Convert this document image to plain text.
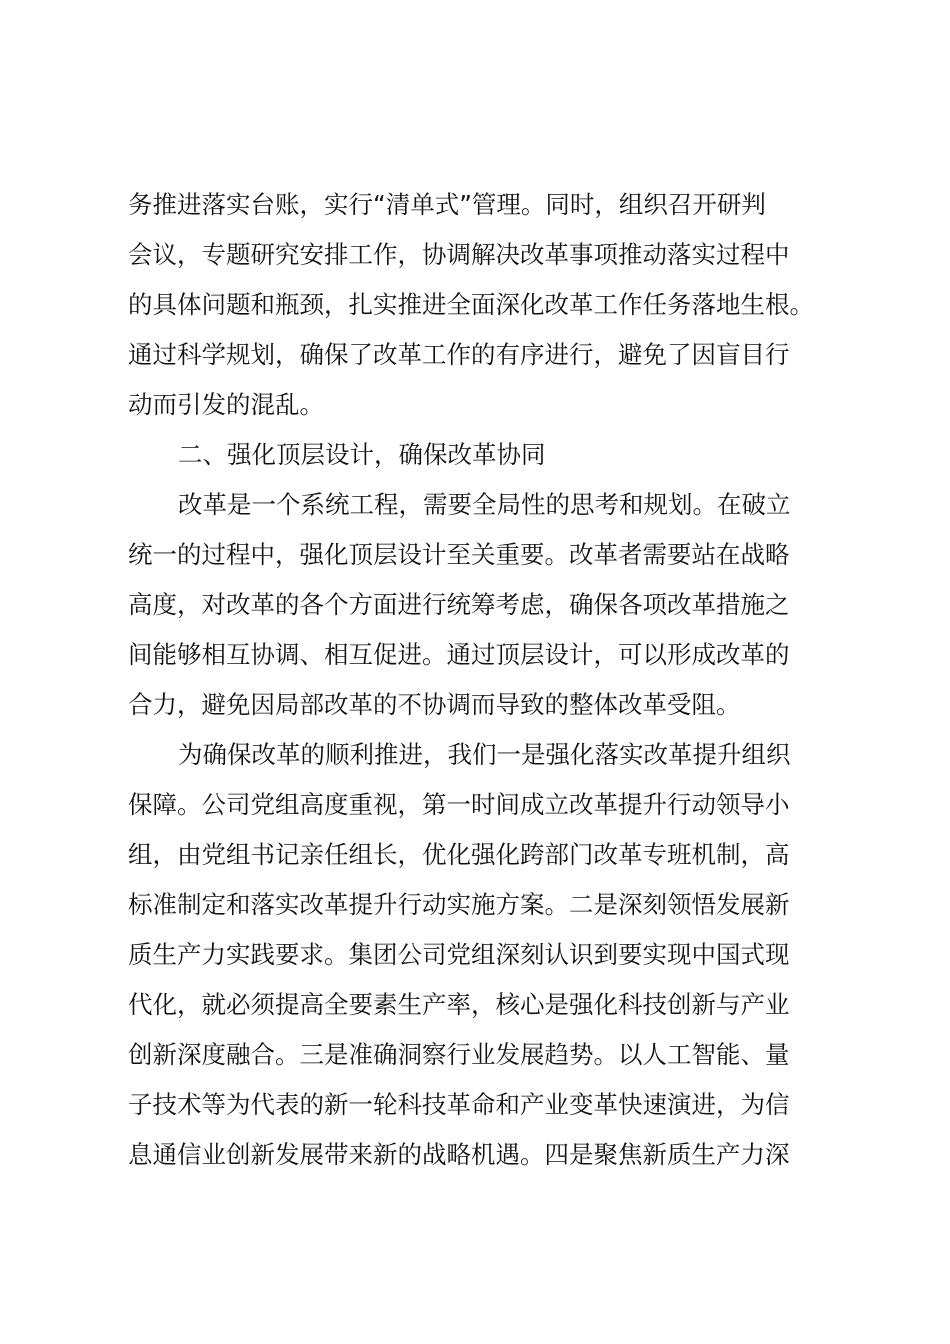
务推进落实台账，实行“清单式”管理。同时，组织召开研判
会议，专题研究安排工作，协调解决改革事项推动落实过程中
的具体问题和瓶颈，扎实推进全面深化改革工作任务落地生根。
通过科学规划，确保了改革工作的有序进行，避免了因盲目行
动而引发的混乱。
二、强化顶层设计，确保改革协同
改革是一个系统工程，需要全局性的思考和规划。在破立
统一的过程中，强化顶层设计至关重要。改革者需要站在战略
高度，对改革的各个方面进行统筹考虑，确保各项改革措施之
间能够相互协调、相互促进。通过顶层设计，可以形成改革的
合力，避免因局部改革的不协调而导致的整体改革受阻。
为确保改革的顺利推进，我们一是强化落实改革提升组织
保障。公司党组高度重视，第一时间成立改革提升行动领导小
组，由党组书记亲任组长，优化强化跨部门改革专班机制，高
标准制定和落实改革提升行动实施方案。二是深刻领悟发展新
质生产力实践要求。集团公司党组深刻认识到要实现中国式现
代化，就必须提高全要素生产率，核心是强化科技创新与产业
创新深度融合。三是准确洞察行业发展趋势。以人工智能、量
子技术等为代表的新一轮科技革命和产业变革快速演进，为信
息通信业创新发展带来新的战略机遇。四是聚焦新质生产力深
